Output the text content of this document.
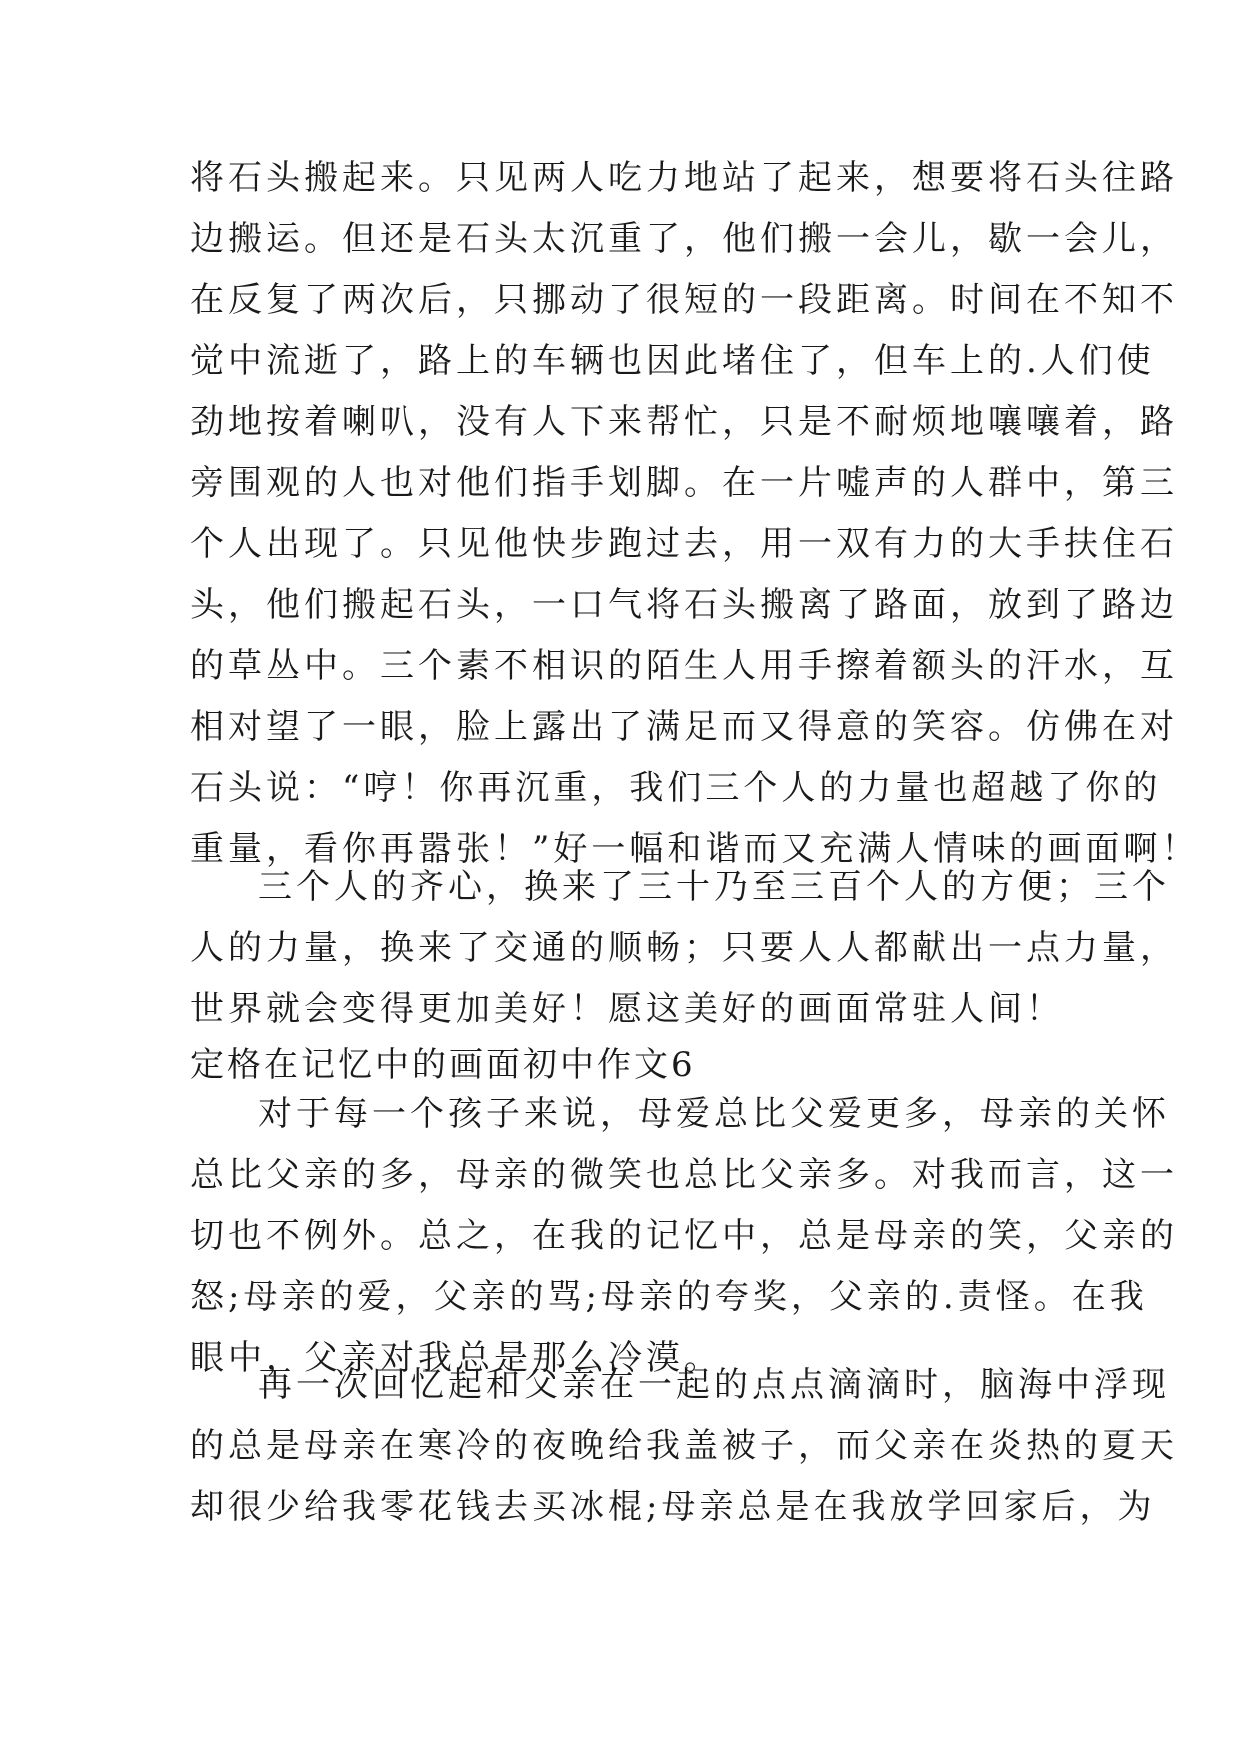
将石头搬起来。只见两人吃力地站了起来，想要将石头往路
边搬运。但还是石头太沉重了，他们搬一会儿，歇一会儿，
在反复了两次后，只挪动了很短的一段距离。时间在不知不
觉中流逝了，路上的车辆也因此堵住了，但车上的.人们使
劲地按着喇叭，没有人下来帮忙，只是不耐烦地嚷嚷着，路
旁围观的人也对他们指手划脚。在一片嘘声的人群中，第三
个人出现了。只见他快步跑过去，用一双有力的大手扶住石
头，他们搬起石头，一口气将石头搬离了路面，放到了路边
的草丛中。三个素不相识的陌生人用手擦着额头的汗水，互
相对望了一眼，脸上露出了满足而又得意的笑容。仿佛在对
石头说：“哼！你再沉重，我们三个人的力量也超越了你的
重量，看你再嚣张！”好一幅和谐而又充满人情味的画面啊！
三个人的齐心，换来了三十乃至三百个人的方便；三个
人的力量，换来了交通的顺畅；只要人人都献出一点力量，
世界就会变得更加美好！愿这美好的画面常驻人间！
定格在记忆中的画面初中作文6
对于每一个孩子来说，母爱总比父爱更多，母亲的关怀
总比父亲的多，母亲的微笑也总比父亲多。对我而言，这一
切也不例外。总之，在我的记忆中，总是母亲的笑，父亲的
怒;母亲的爱，父亲的骂;母亲的夸奖，父亲的.责怪。在我
眼中，父亲对我总是那么冷漠。
再一次回忆起和父亲在一起的点点滴滴时，脑海中浮现
的总是母亲在寒冷的夜晚给我盖被子，而父亲在炎热的夏天
却很少给我零花钱去买冰棍;母亲总是在我放学回家后，为
